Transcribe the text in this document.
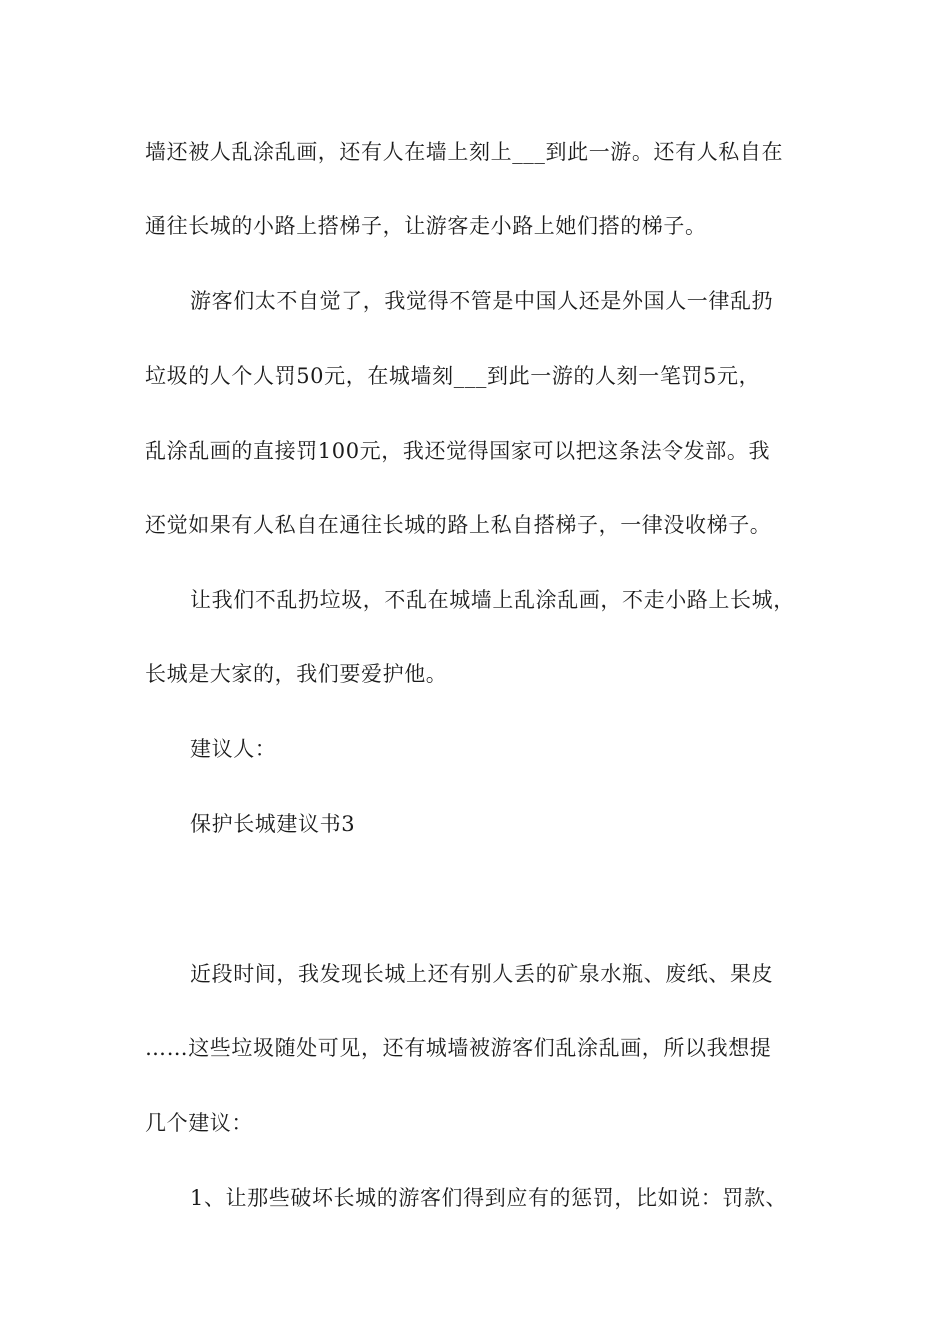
墙还被人乱涂乱画，还有人在墙上刻上___到此一游。还有人私自在
通往长城的小路上搭梯子，让游客走小路上她们搭的梯子。
游客们太不自觉了，我觉得不管是中国人还是外国人一律乱扔
垃圾的人个人罚50元，在城墙刻___到此一游的人刻一笔罚5元，
乱涂乱画的直接罚100元，我还觉得国家可以把这条法令发部。我
还觉如果有人私自在通往长城的路上私自搭梯子，一律没收梯子。
让我们不乱扔垃圾，不乱在城墙上乱涂乱画，不走小路上长城，
长城是大家的，我们要爱护他。
建议人：
保护长城建议书3
近段时间，我发现长城上还有别人丢的矿泉水瓶、废纸、果皮
……这些垃圾随处可见，还有城墙被游客们乱涂乱画，所以我想提
几个建议：
1、让那些破坏长城的游客们得到应有的惩罚，比如说：罚款、
